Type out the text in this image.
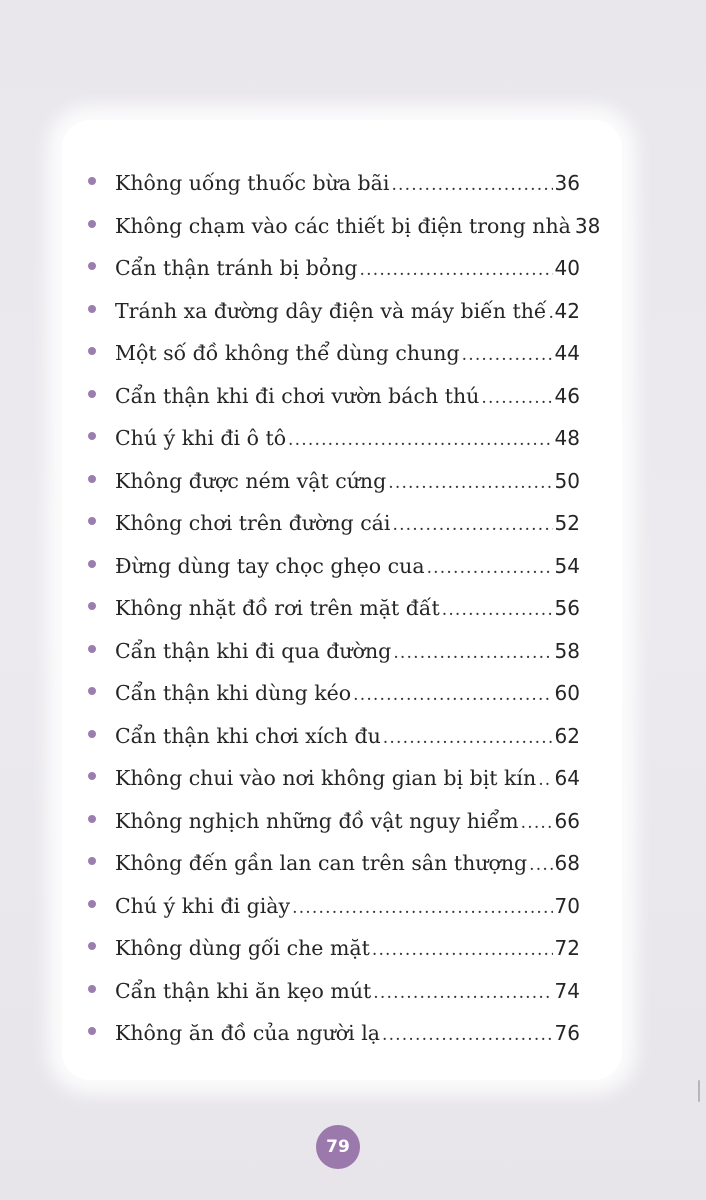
Không uống thuốc bừa bãi .....	36
Không chạm vào các thiết bị điện trong nhà 38
Cẩn thận tránh bị bỏng .....	40
Tránh xa đường dây điện và máy biến thế ..... 42
Một số đồ không thể dùng chung .....	44
Cẩn thận khi đi chơi vườn bách thú .....	46
Chú ý khi đi ô tô .....	48
Không được ném vật cứng .....	50
Không chơi trên đường cái .....	52
Đừng dùng tay chọc ghẹo cua .....	54
Không nhặt đồ rơi trên mặt đất .....	56
Cẩn thận khi đi qua đường .....	58
Cẩn thận khi dùng kéo .....	60
Cẩn thận khi chơi xích đu .....	62
Không chui vào nơi không gian bị bịt kín ..... 64
Không nghịch những đồ vật nguy hiểm ..... 66
Không đến gần lan can trên sân thượng ..... 68
Chú ý khi đi giày .....	70
Không dùng gối che mặt .....	72
Cẩn thận khi ăn kẹo mút .....	74
Không ăn đồ của người lạ .....	76
79
